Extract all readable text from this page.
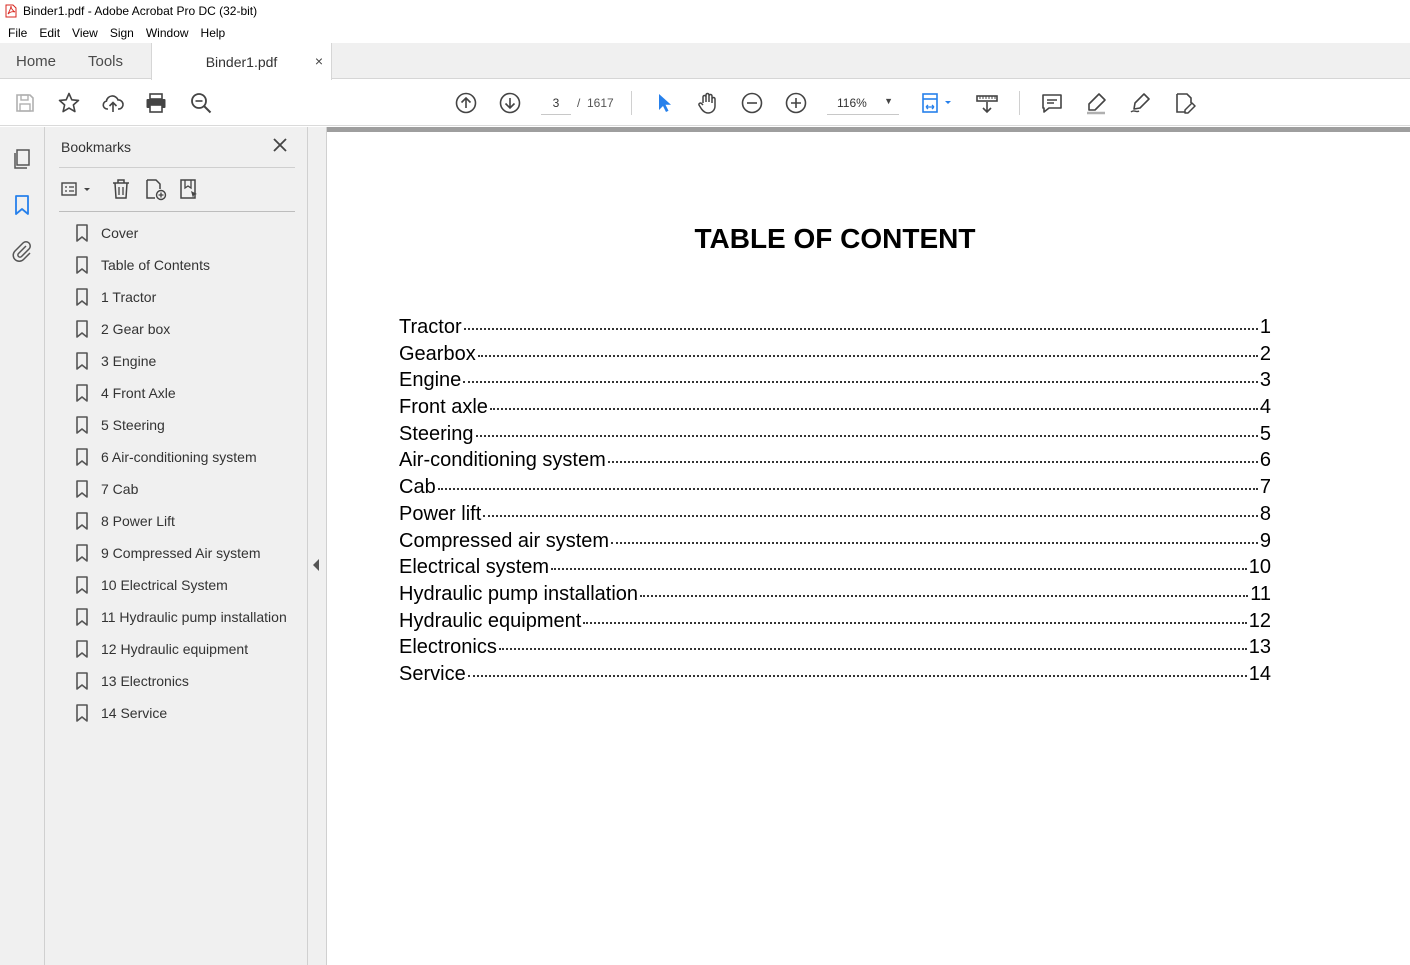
Binder1.pdf - Adobe Acrobat Pro DC (32-bit)
File	Edit	View	Sign	Window	Help
Home Tools	Binder1.pdf	×
3
/ 1617	116% ▼
Bookmarks
Cover
Table of Contents
1 Tractor
2 Gear box
3 Engine
4 Front Axle
5 Steering
6 Air-conditioning system
7 Cab
8 Power Lift
9 Compressed Air system
10 Electrical System
11 Hydraulic pump installation
12 Hydraulic equipment
13 Electronics
14 Service
TABLE OF CONTENT
Tractor	1
Gearbox	2
Engine	3
Front axle	4
Steering	5
Air-conditioning system	6
Cab	7
Power lift	8
Compressed air system	9
Electrical system	10
Hydraulic pump installation	11
Hydraulic equipment	12
Electronics	13
Service	14
